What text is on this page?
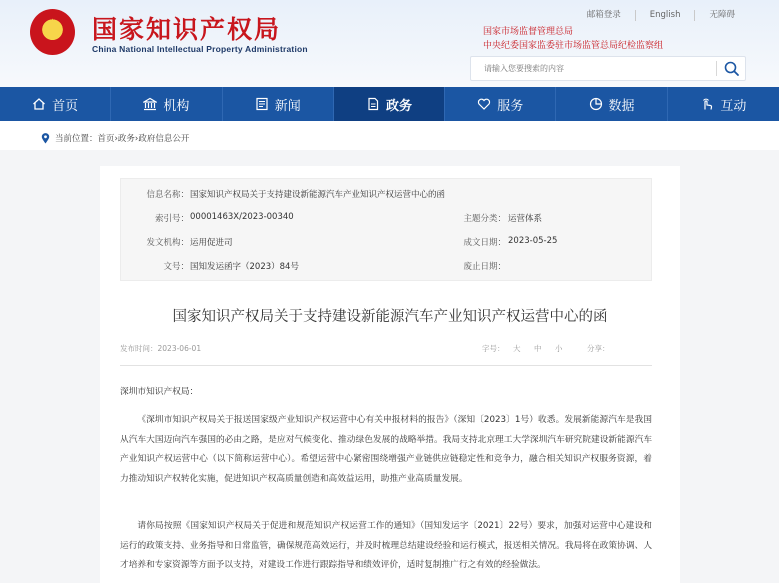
★	国家知识产权局
China National Intellectual Property Administration
邮箱登录	English	无障碍
国家市场监督管理总局
中央纪委国家监委驻市场监管总局纪检监察组
请输入您要搜索的内容
首页	机构	新闻	政务	服务	数据	互动
当前位置： 首页›政务›政府信息公开
信息名称： 国家知识产权局关于支持建设新能源汽车产业知识产权运营中心的函
索引号： 00001463X/2023-00340	主题分类： 运营体系
发文机构： 运用促进司	成文日期： 2023-05-25
文号： 国知发运函字（2023）84号	废止日期：
国家知识产权局关于支持建设新能源汽车产业知识产权运营中心的函
发布时间：2023-06-01	字号： 大 中 小	分享：
深圳市知识产权局：
《深圳市知识产权局关于报送国家级产业知识产权运营中心有关申报材料的报告》（深知〔2023〕1号）收悉。发展新能源汽车是我国从汽车大国迈向汽车强国的必由之路，是应对气候变化、推动绿色发展的战略举措。我局支持北京理工大学深圳汽车研究院建设新能源汽车产业知识产权运营中心（以下简称运营中心）。希望运营中心紧密围绕增强产业链供应链稳定性和竞争力，融合相关知识产权服务资源，着力推动知识产权转化实施，促进知识产权高质量创造和高效益运用，助推产业高质量发展。
请你局按照《国家知识产权局关于促进和规范知识产权运营工作的通知》（国知发运字〔2021〕22号）要求，加强对运营中心建设和运行的政策支持、业务指导和日常监管，确保规范高效运行，并及时梳理总结建设经验和运行模式，报送相关情况。我局将在政策协调、人才培养和专家资源等方面予以支持，对建设工作进行跟踪指导和绩效评价，适时复制推广行之有效的经验做法。
